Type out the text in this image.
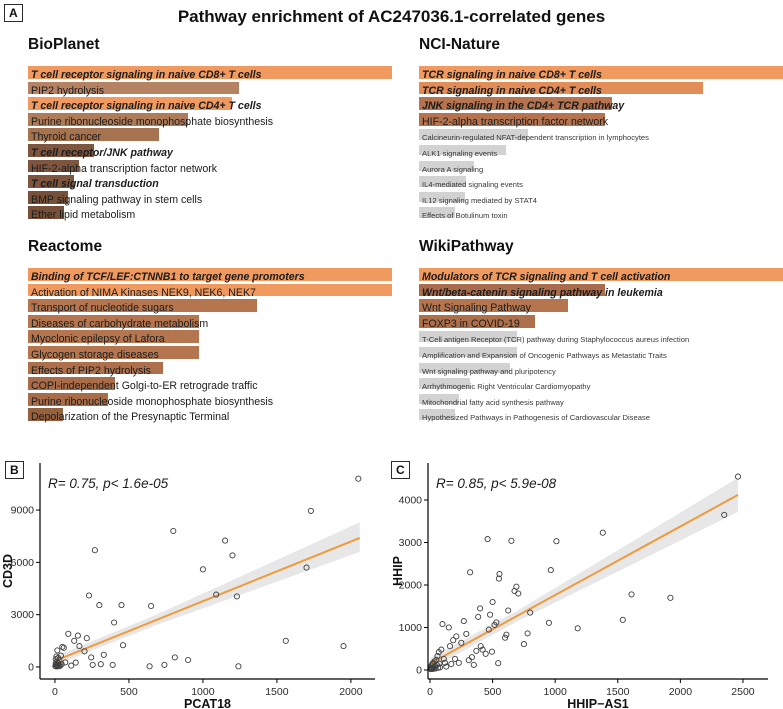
A	Pathway enrichment of AC247036.1-correlated genes
BioPlanet
T cell receptor signaling in naive CD8+ T cells
PIP2 hydrolysis
T cell receptor signaling in naive CD4+ T cells
Purine ribonucleoside monophosphate biosynthesis
Thyroid cancer
T cell receptor/JNK pathway
HIF-2-alpha transcription factor network
T cell signal transduction
BMP signaling pathway in stem cells
Ether lipid metabolism
NCI-Nature
TCR signaling in naive CD8+ T cells
TCR signaling in naive CD4+ T cells
JNK signaling in the CD4+ TCR pathway
HIF-2-alpha transcription factor network
Calcineurin-regulated NFAT-dependent transcription in lymphocytes
ALK1 signaling events
Aurora A signaling
IL4-mediated signaling events
IL12 signaling mediated by STAT4
Effects of Botulinum toxin
Reactome
Binding of TCF/LEF:CTNNB1 to target gene promoters
Activation of NIMA Kinases NEK9, NEK6, NEK7
Transport of nucleotide sugars
Diseases of carbohydrate metabolism
Myoclonic epilepsy of Lafora
Glycogen storage diseases
Effects of PIP2 hydrolysis
COPI-independent Golgi-to-ER retrograde traffic
Purine ribonucleoside monophosphate biosynthesis
Depolarization of the Presynaptic Terminal
WikiPathway
Modulators of TCR signaling and T cell activation
Wnt/beta-catenin signaling pathway in leukemia
Wnt Signaling Pathway
FOXP3 in COVID-19
T-Cell antigen Receptor (TCR) pathway during Staphylococcus aureus infection
Amplification and Expansion of Oncogenic Pathways as Metastatic Traits
Wnt signaling pathway and pluripotency
Arrhythmogenic Right Ventricular Cardiomyopathy
Mitochondrial fatty acid synthesis pathway
Hypothesized Pathways in Pathogenesis of Cardiovascular Disease
B	C
0	500	1000	1500	2000
0
3000
6000
9000
R= 0.75, p< 1.6e-05
PCAT18
CD3D
0	500	1000	1500	2000	2500
0
1000
2000
3000
4000
R= 0.85, p< 5.9e-08
HHIP−AS1
HHIP
